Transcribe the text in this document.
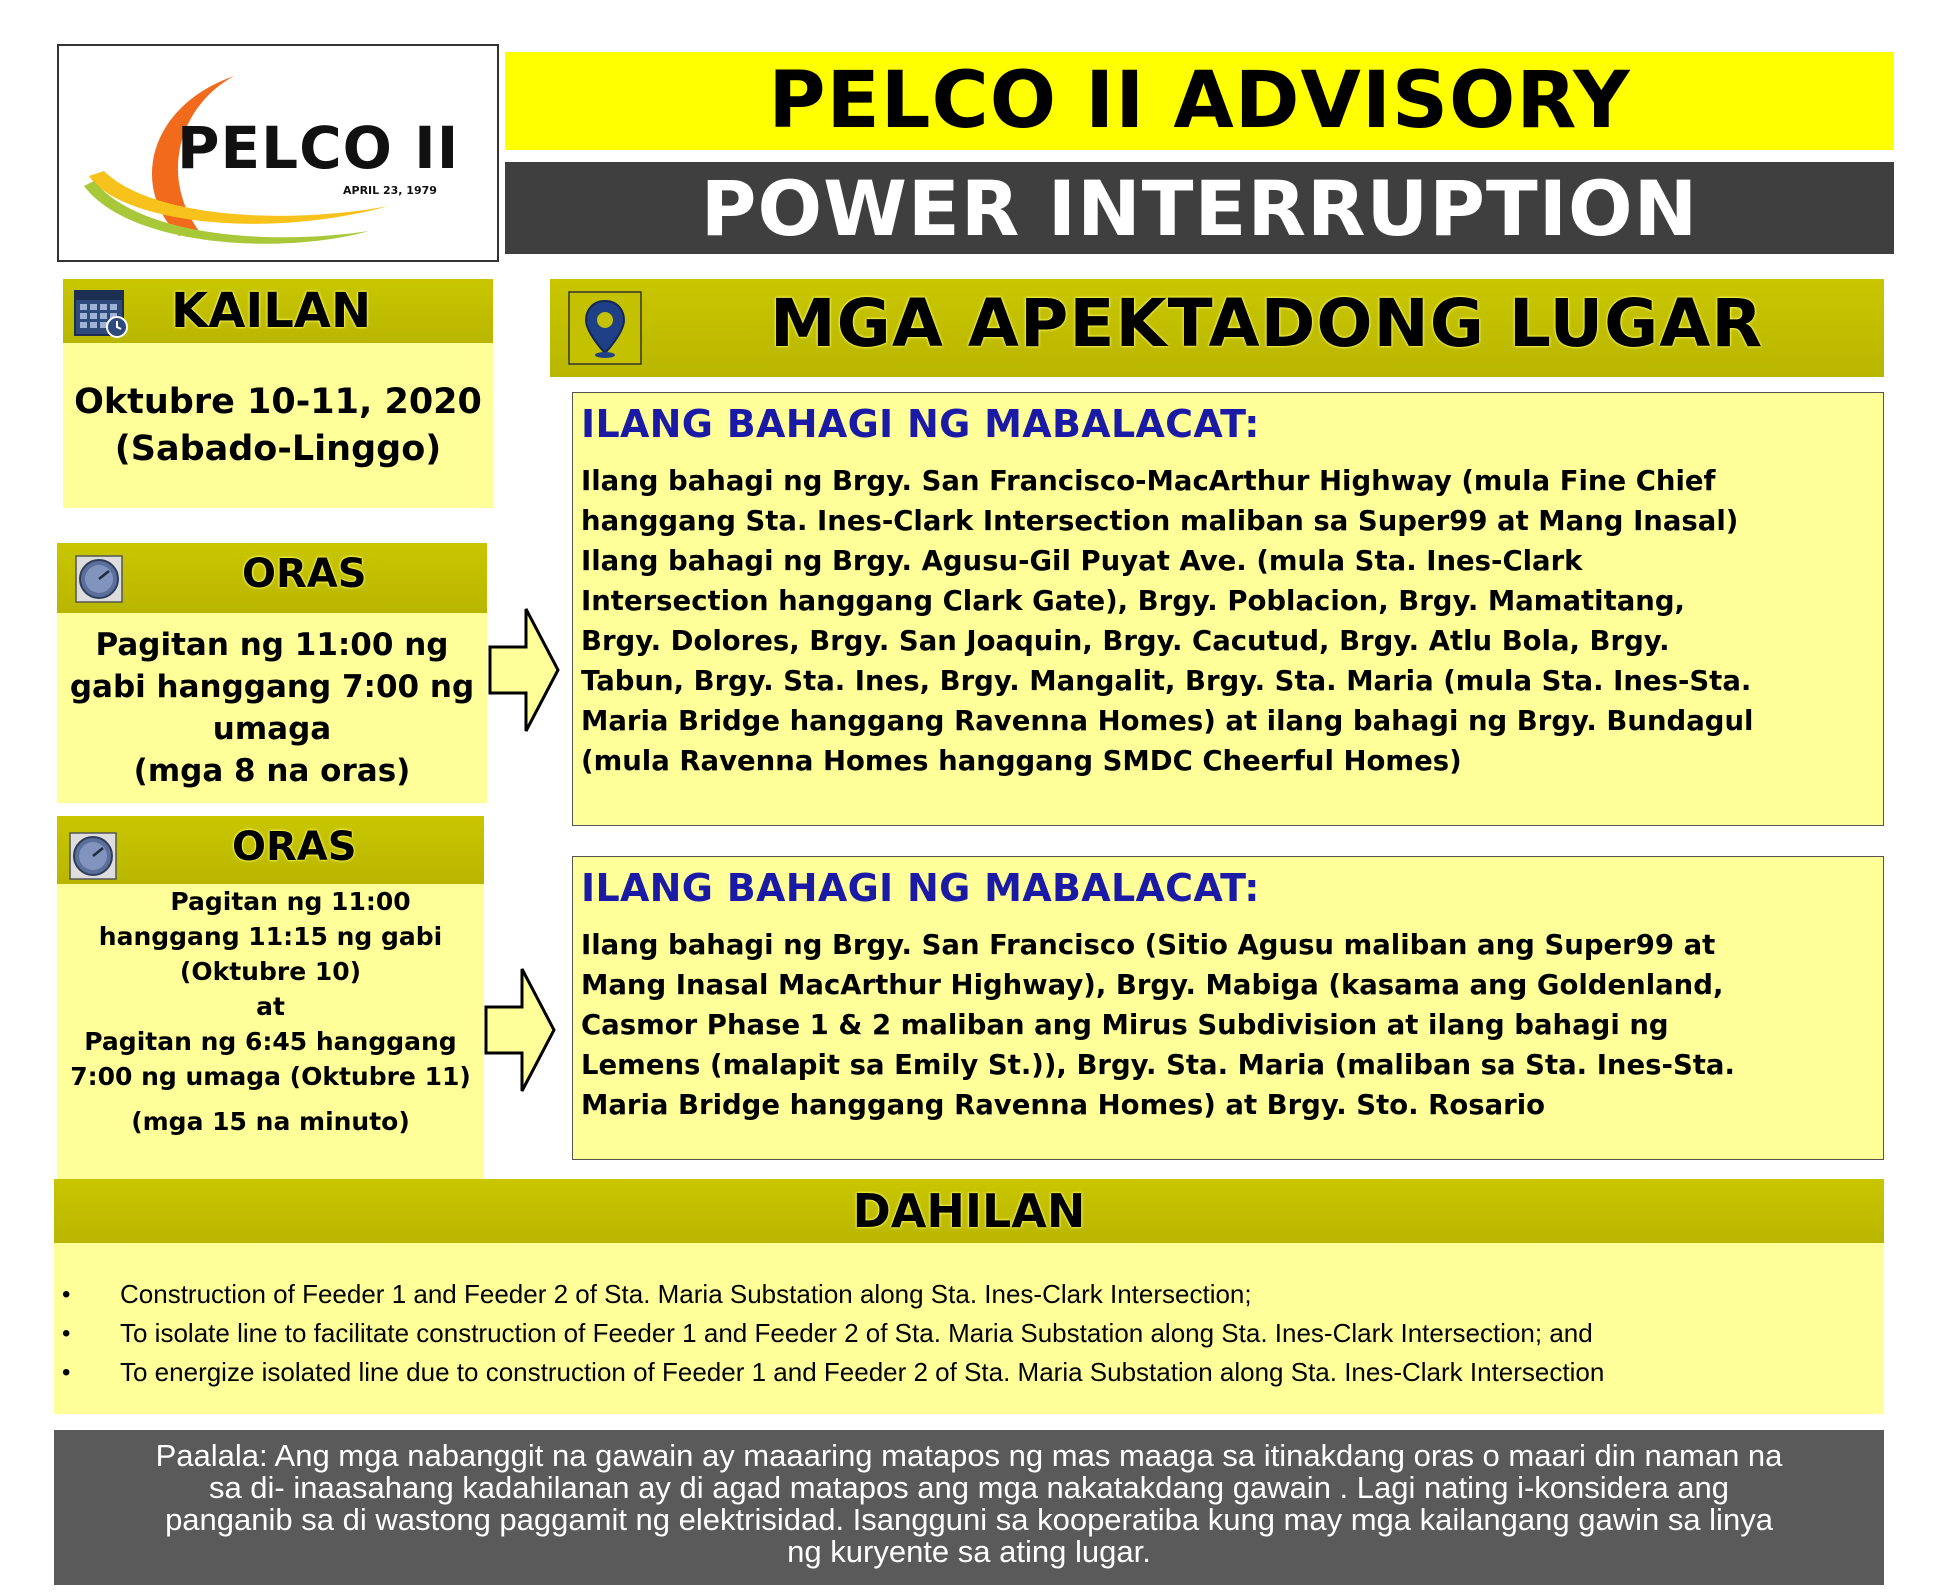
PELCO II
APRIL 23, 1979
PELCO II ADVISORY
POWER INTERRUPTION
KAILAN
Oktubre 10-11, 2020
(Sabado-Linggo)
ORAS
Pagitan ng 11:00 ng
gabi hanggang 7:00 ng
umaga
(mga 8 na oras)
ORAS
Pagitan ng 11:00
hanggang 11:15 ng gabi
(Oktubre 10)
at
Pagitan ng 6:45 hanggang
7:00 ng umaga (Oktubre 11)
(mga 15 na minuto)
MGA APEKTADONG LUGAR
ILANG BAHAGI NG MABALACAT:
Ilang bahagi ng Brgy. San Francisco-MacArthur Highway (mula Fine Chief
hanggang Sta. Ines-Clark Intersection maliban sa Super99 at Mang Inasal)
Ilang bahagi ng Brgy. Agusu-Gil Puyat Ave. (mula Sta. Ines-Clark
Intersection hanggang Clark Gate), Brgy. Poblacion, Brgy. Mamatitang,
Brgy. Dolores, Brgy. San Joaquin, Brgy. Cacutud, Brgy. Atlu Bola, Brgy.
Tabun, Brgy. Sta. Ines, Brgy. Mangalit, Brgy. Sta. Maria (mula Sta. Ines-Sta.
Maria Bridge hanggang Ravenna Homes) at ilang bahagi ng Brgy. Bundagul
(mula Ravenna Homes hanggang SMDC Cheerful Homes)
ILANG BAHAGI NG MABALACAT:
Ilang bahagi ng Brgy. San Francisco (Sitio Agusu maliban ang Super99 at
Mang Inasal MacArthur Highway), Brgy. Mabiga (kasama ang Goldenland,
Casmor Phase 1 & 2 maliban ang Mirus Subdivision at ilang bahagi ng
Lemens (malapit sa Emily St.)), Brgy. Sta. Maria (maliban sa Sta. Ines-Sta.
Maria Bridge hanggang Ravenna Homes) at Brgy. Sto. Rosario
DAHILAN
• Construction of Feeder 1 and Feeder 2 of Sta. Maria Substation along Sta. Ines-Clark Intersection;
• To isolate line to facilitate construction of Feeder 1 and Feeder 2 of Sta. Maria Substation along Sta. Ines-Clark Intersection; and
• To energize isolated line due to construction of Feeder 1 and Feeder 2 of Sta. Maria Substation along Sta. Ines-Clark Intersection
Paalala: Ang mga nabanggit na gawain ay maaaring matapos ng mas maaga sa itinakdang oras o maari din naman na
sa di- inaasahang kadahilanan ay di agad matapos ang mga nakatakdang gawain . Lagi nating i-konsidera ang
panganib sa di wastong paggamit ng elektrisidad. Isangguni sa kooperatiba kung may mga kailangang gawin sa linya
ng kuryente sa ating lugar.
